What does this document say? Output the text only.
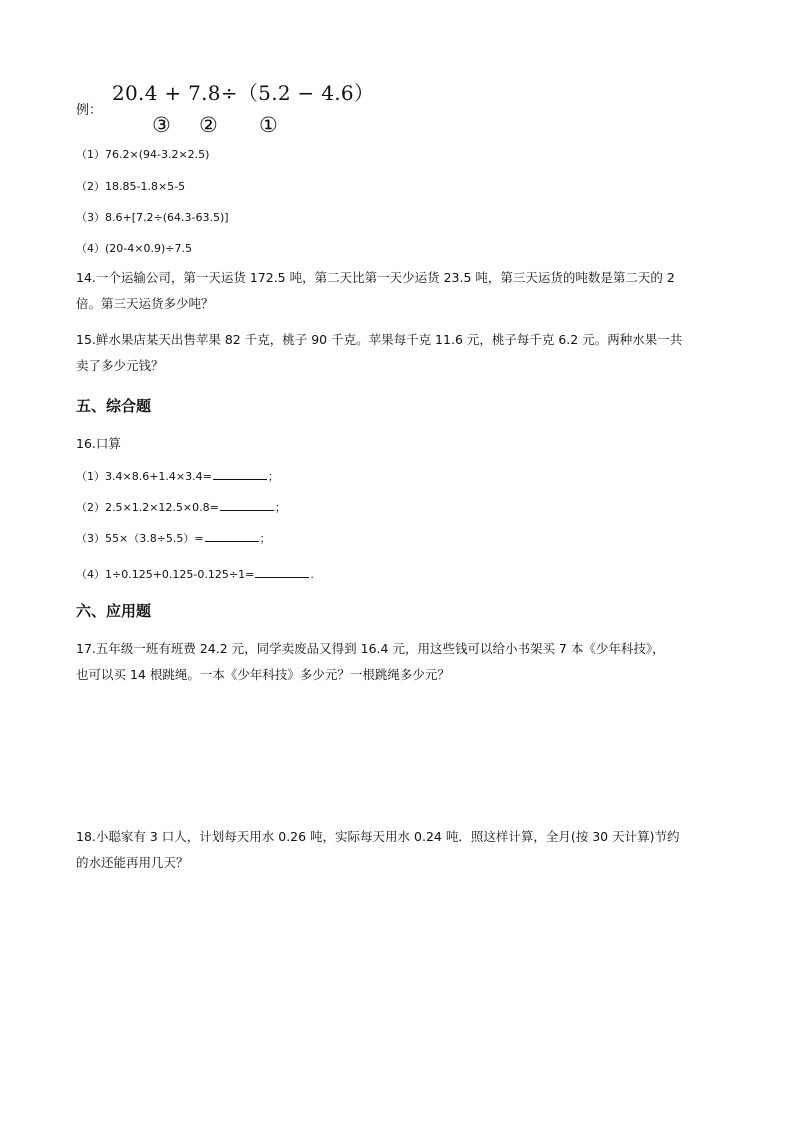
例：
20.4 + 7.8÷（5.2 − 4.6）
③ ② ①
（1）76.2×(94-3.2×2.5)
（2）18.85-1.8×5-5
（3）8.6+[7.2÷(64.3-63.5)]
（4）(20-4×0.9)÷7.5
14.一个运输公司，第一天运货 172.5 吨，第二天比第一天少运货 23.5 吨，第三天运货的吨数是第二天的 2
倍。第三天运货多少吨？
15.鲜水果店某天出售苹果 82 千克，桃子 90 千克。苹果每千克 11.6 元，桃子每千克 6.2 元。两种水果一共
卖了多少元钱？
五、综合题
16.口算
（1）3.4×8.6+1.4×3.4=	；
（2）2.5×1.2×12.5×0.8=	；
（3）55×（3.8÷5.5）=	；
（4）1÷0.125+0.125-0.125÷1=	.
六、应用题
17.五年级一班有班费 24.2 元，同学卖废品又得到 16.4 元，用这些钱可以给小书架买 7 本《少年科技》，
也可以买 14 根跳绳。一本《少年科技》多少元？一根跳绳多少元？
18.小聪家有 3 口人，计划每天用水 0.26 吨，实际每天用水 0.24 吨．照这样计算，全月(按 30 天计算)节约
的水还能再用几天？
